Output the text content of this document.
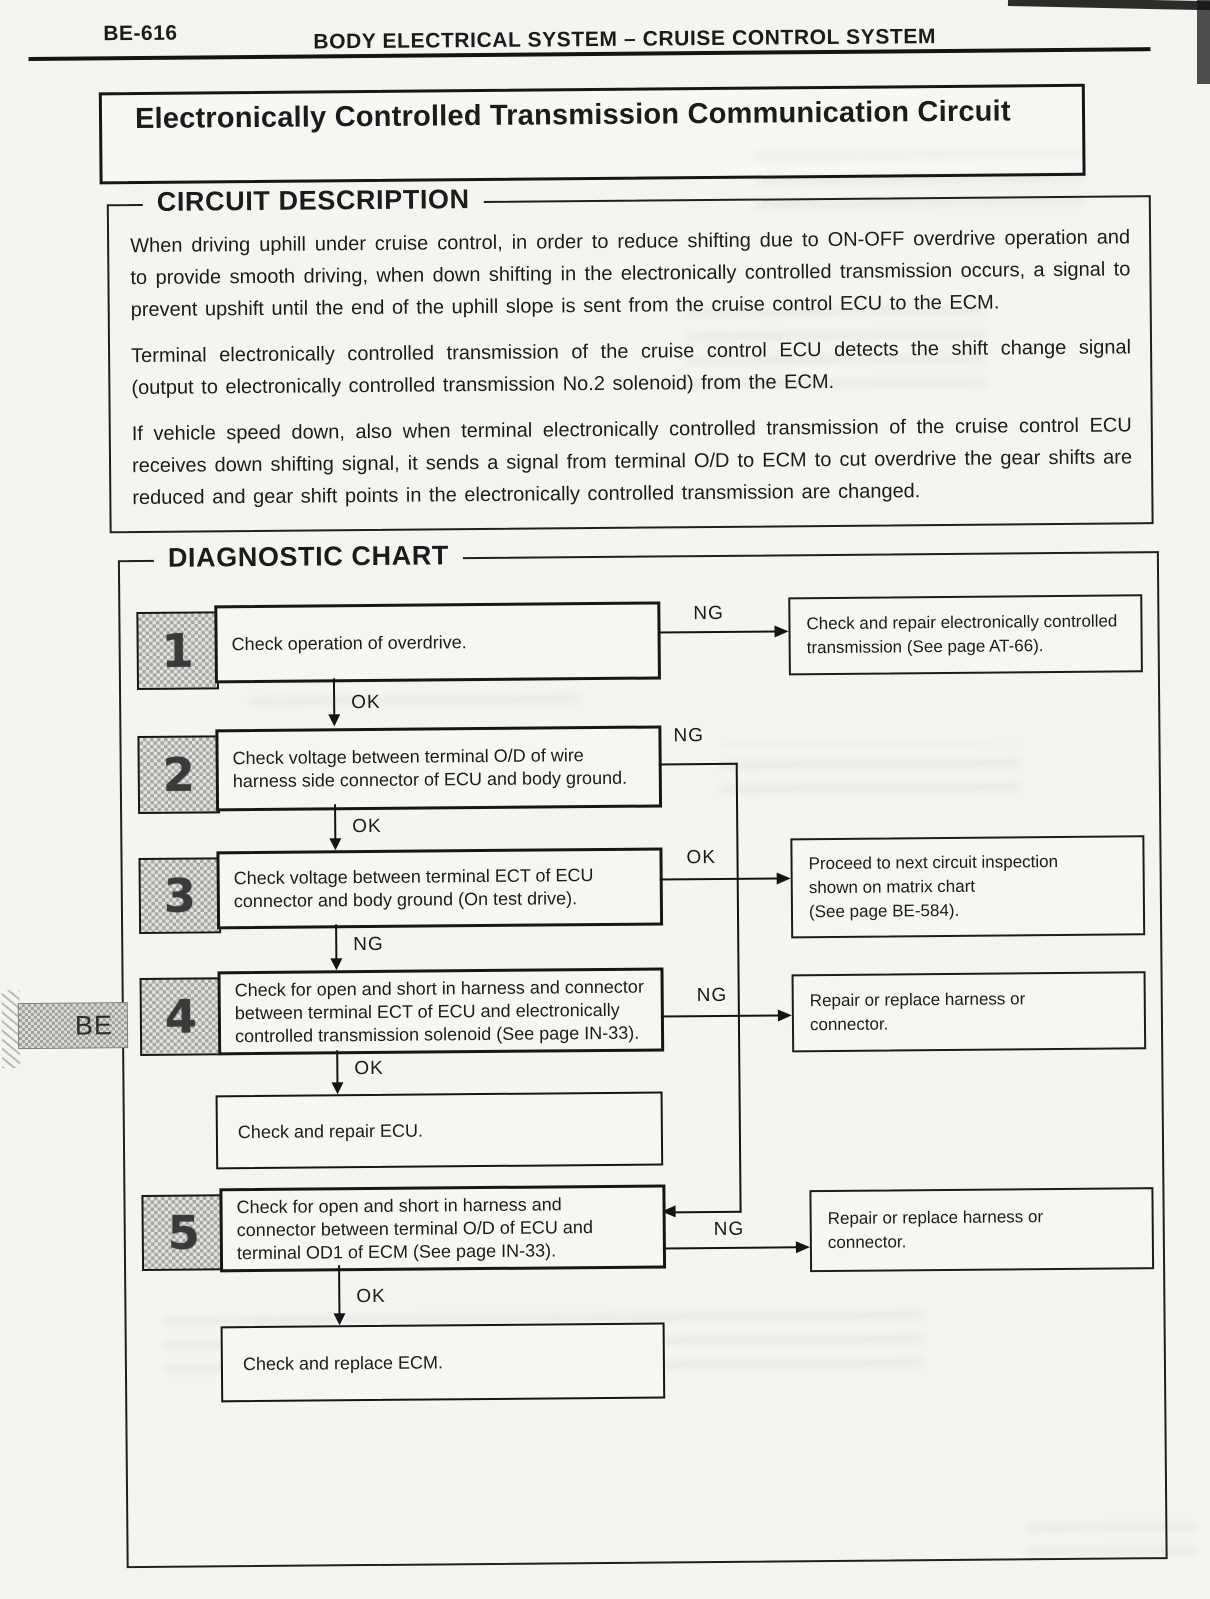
BE-616	BODY ELECTRICAL SYSTEM – CRUISE CONTROL SYSTEM
Electronically Controlled Transmission Communication Circuit
CIRCUIT DESCRIPTION

When driving uphill under cruise control, in order to reduce shifting due to ON-OFF overdrive operation and to provide smooth driving, when down shifting in the electronically controlled transmission occurs, a signal to prevent upshift until the end of the uphill slope is sent from the cruise control ECU to the ECM.

Terminal electronically controlled transmission of the cruise control ECU detects the shift change signal (output to electronically controlled transmission No.2 solenoid) from the ECM.

If vehicle speed down, also when terminal electronically controlled transmission of the cruise control ECU receives down shifting signal, it sends a signal from terminal O/D to ECM to cut overdrive the gear shifts are reduced and gear shift points in the electronically controlled transmission are changed.

DIAGNOSTIC CHART
1	Check operation of overdrive.
NG	Check and repair electronically controlled
transmission (See page AT-66).
OK
2	Check voltage between terminal O/D of wire
harness side connector of ECU and body ground.
NG
OK
3	Check voltage between terminal ECT of ECU
connector and body ground (On test drive).
OK	Proceed to next circuit inspection
shown on matrix chart
(See page BE-584).
NG
4
Check for open and short in harness and connector
between terminal ECT of ECU and electronically
controlled transmission solenoid (See page IN-33).
NG	Repair or replace harness or
connector.
OK
Check and repair ECU.
5
Check for open and short in harness and
connector between terminal O/D of ECU and
terminal OD1 of ECM (See page IN-33).
NG
Repair or replace harness or
connector.
OK
Check and replace ECM.
BE
